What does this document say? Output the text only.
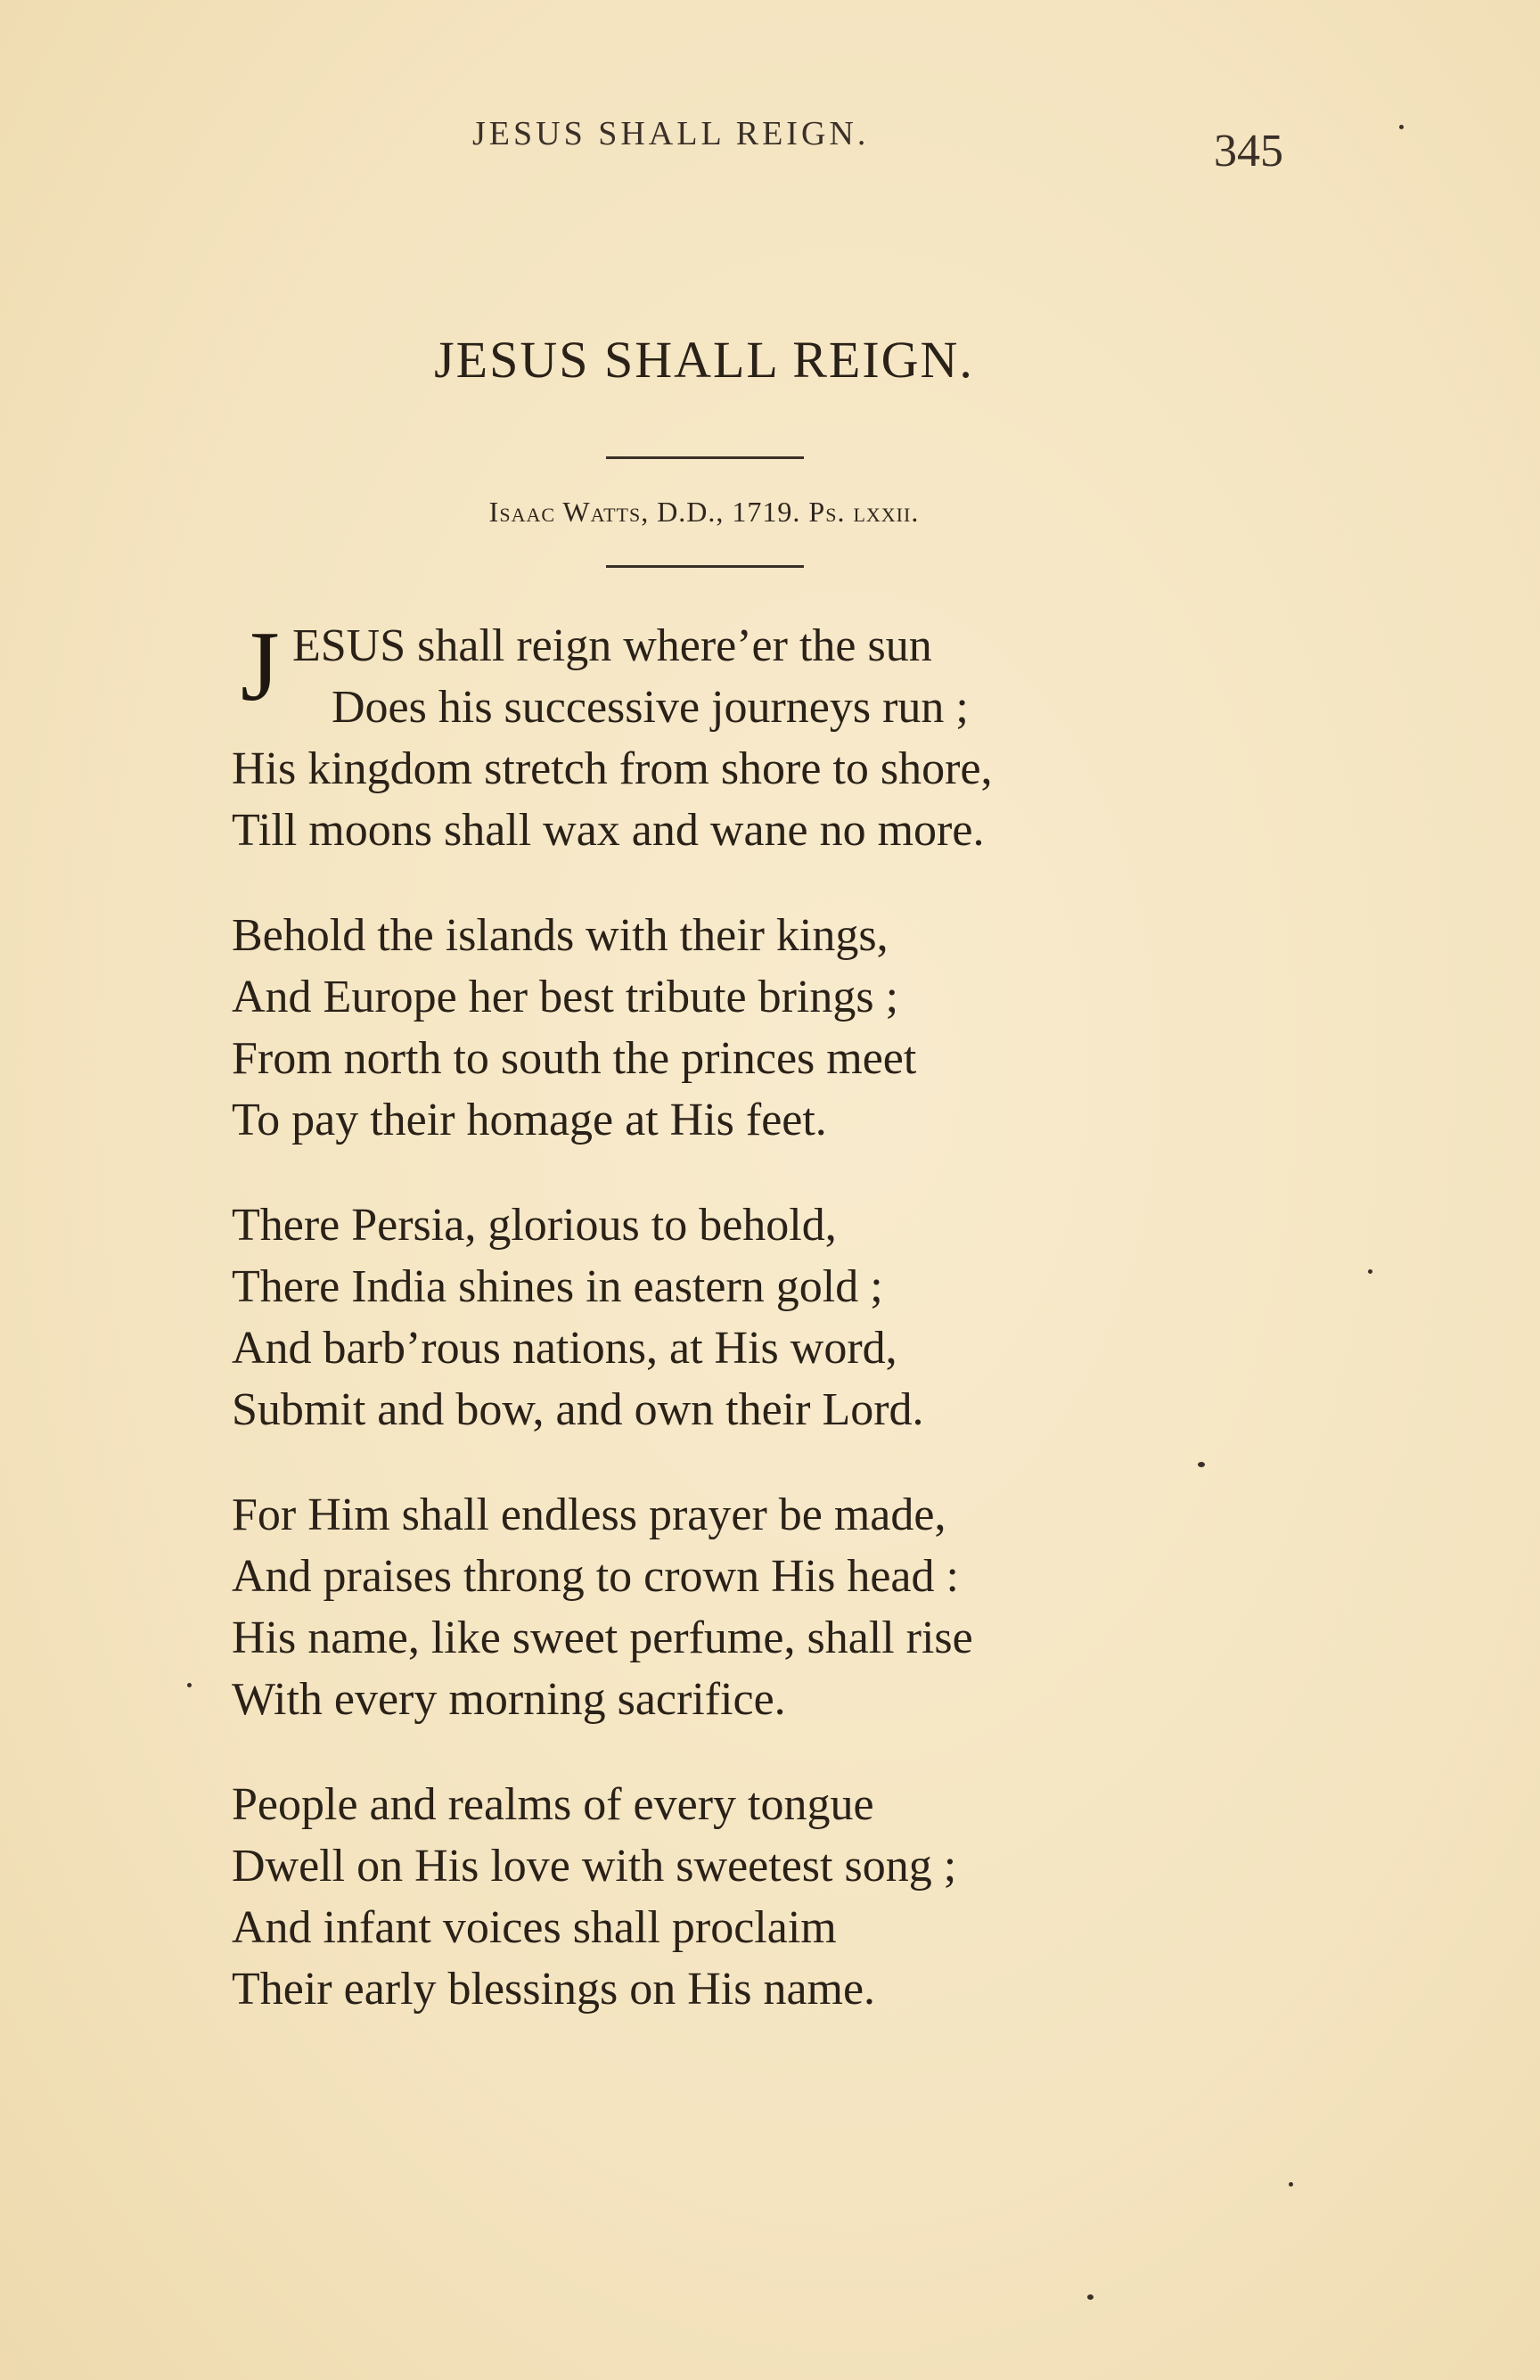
JESUS SHALL REIGN.	345
JESUS SHALL REIGN.
Isaac Watts, D.D., 1719. Ps. lxxii.
J ESUS shall reign where’er the sun
Does his successive journeys run ;
His kingdom stretch from shore to shore,
Till moons shall wax and wane no more.
Behold the islands with their kings,
And Europe her best tribute brings ;
From north to south the princes meet
To pay their homage at His feet.
There Persia, glorious to behold,
There India shines in eastern gold ;
And barb’rous nations, at His word,
Submit and bow, and own their Lord.
For Him shall endless prayer be made,
And praises throng to crown His head :
His name, like sweet perfume, shall rise
With every morning sacrifice.
People and realms of every tongue
Dwell on His love with sweetest song ;
And infant voices shall proclaim
Their early blessings on His name.
